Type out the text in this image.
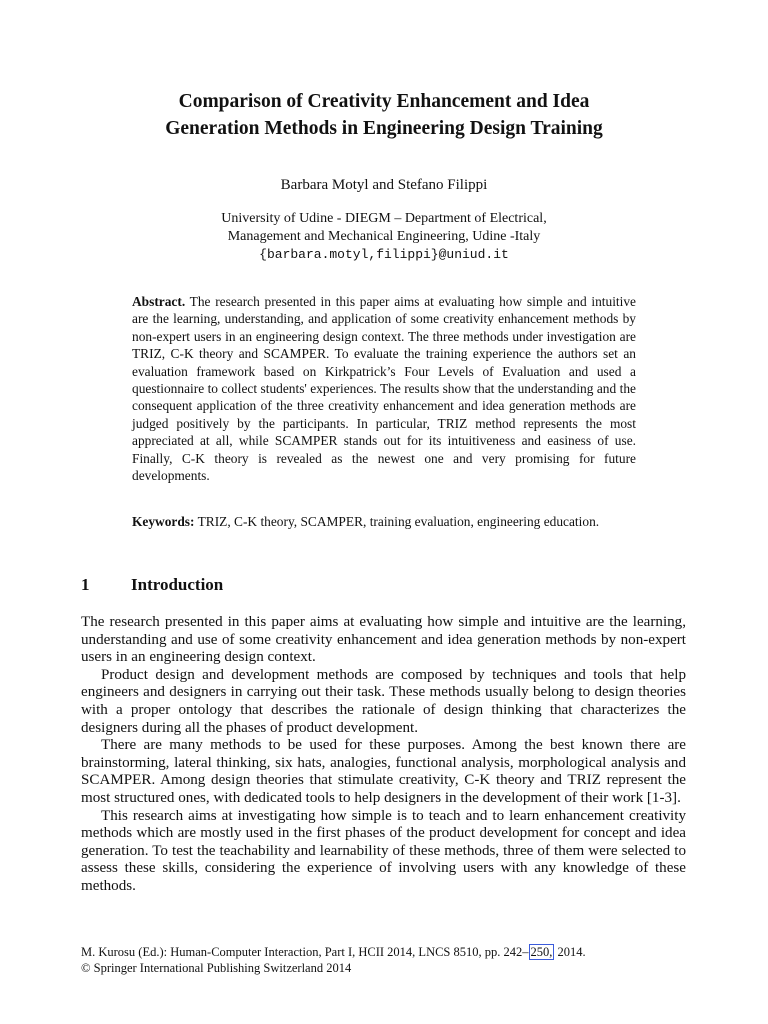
Comparison of Creativity Enhancement and Idea
Generation Methods in Engineering Design Training
Barbara Motyl and Stefano Filippi
University of Udine - DIEGM – Department of Electrical,
Management and Mechanical Engineering, Udine -Italy
{barbara.motyl,filippi}@uniud.it

Abstract. The research presented in this paper aims at evaluating how simple and intuitive are the learning, understanding, and application of some creativity enhancement methods by non-expert users in an engineering design context. The three methods under investigation are TRIZ, C-K theory and SCAMPER. To evaluate the training experience the authors set an evaluation framework based on Kirkpatrick’s Four Levels of Evaluation and used a questionnaire to collect students' experiences. The results show that the understanding and the consequent application of the three creativity enhancement and idea generation methods are judged positively by the participants. In particular, TRIZ method represents the most appreciated at all, while SCAMPER stands out for its intuitiveness and easiness of use. Finally, C-K theory is revealed as the newest one and very promising for future developments.

Keywords: TRIZ, C-K theory, SCAMPER, training evaluation, engineering education.

1 Introduction

The research presented in this paper aims at evaluating how simple and intuitive are the learning, understanding and use of some creativity enhancement and idea generation methods by non-expert users in an engineering design context.

Product design and development methods are composed by techniques and tools that help engineers and designers in carrying out their task. These methods usually belong to design theories with a proper ontology that describes the rationale of design thinking that characterizes the designers during all the phases of product development.

There are many methods to be used for these purposes. Among the best known there are brainstorming, lateral thinking, six hats, analogies, functional analysis, morphological analysis and SCAMPER. Among design theories that stimulate creativity, C-K theory and TRIZ represent the most structured ones, with dedicated tools to help designers in the development of their work [1-3].

This research aims at investigating how simple is to teach and to learn enhancement creativity methods which are mostly used in the first phases of the product development for concept and idea generation. To test the teachability and learnability of these methods, three of them were selected to assess these skills, considering the experience of involving users with any knowledge of these methods.

M. Kurosu (Ed.): Human-Computer Interaction, Part I, HCII 2014, LNCS 8510, pp. 242– 250, 2014.
© Springer International Publishing Switzerland 2014
